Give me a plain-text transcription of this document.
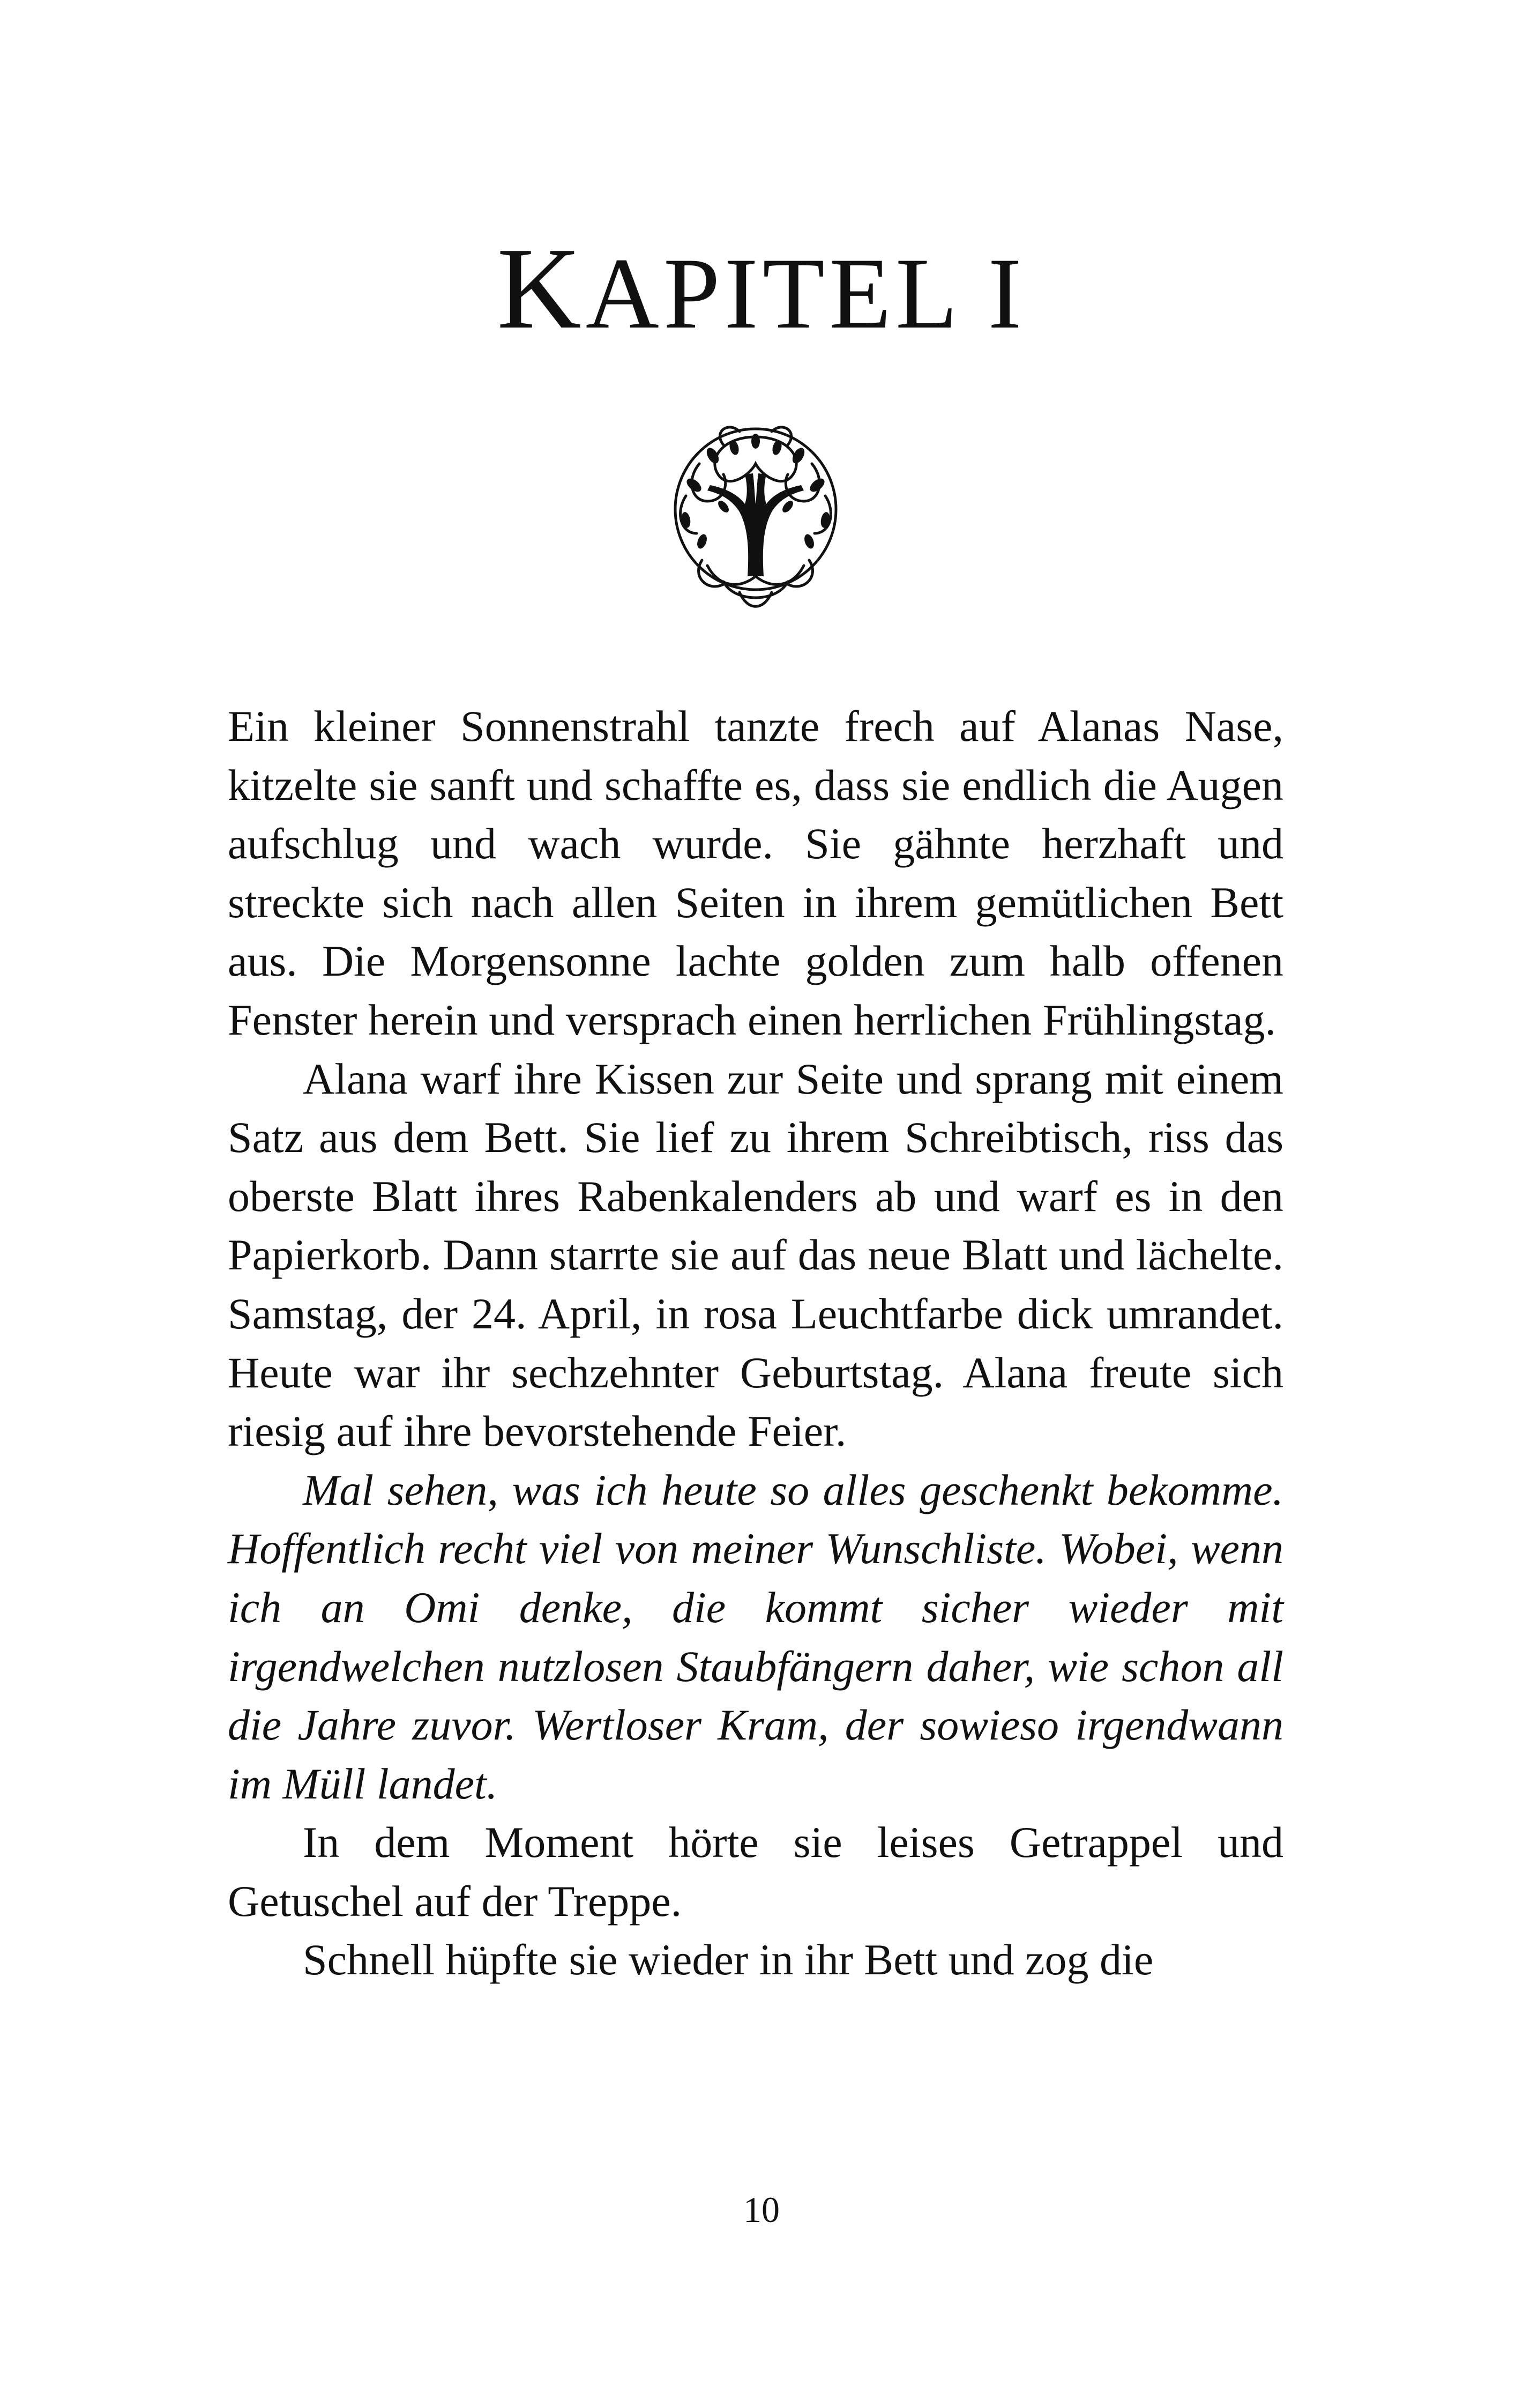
KAPITEL I

Ein kleiner Sonnenstrahl tanzte frech auf Alanas Nase, kitzelte sie sanft und schaffte es, dass sie endlich die Augen aufschlug und wach wurde. Sie gähnte herzhaft und streckte sich nach allen Seiten in ihrem gemütlichen Bett aus. Die Morgensonne lachte golden zum halb offenen Fenster herein und versprach einen herrlichen Frühlingstag.

Alana warf ihre Kissen zur Seite und sprang mit einem Satz aus dem Bett. Sie lief zu ihrem Schreibtisch, riss das oberste Blatt ihres Rabenkalenders ab und warf es in den Papierkorb. Dann starrte sie auf das neue Blatt und lächelte. Samstag, der 24. April, in rosa Leuchtfarbe dick umrandet. Heute war ihr sechzehnter Geburtstag. Alana freute sich riesig auf ihre bevorstehende Feier.

Mal sehen, was ich heute so alles geschenkt bekomme. Hoffentlich recht viel von meiner Wunschliste. Wobei, wenn ich an Omi denke, die kommt sicher wieder mit irgendwelchen nutzlosen Staubfängern daher, wie schon all die Jahre zuvor. Wertloser Kram, der sowieso irgendwann im Müll landet.

In dem Moment hörte sie leises Getrappel und Getuschel auf der Treppe.

Schnell hüpfte sie wieder in ihr Bett und zog die

10
